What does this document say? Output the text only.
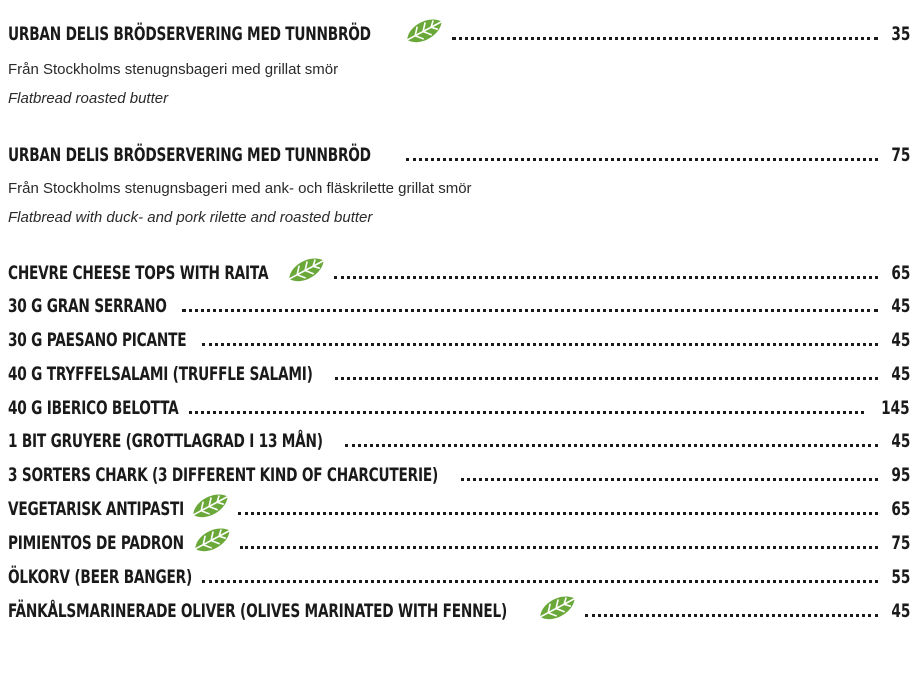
URBAN DELIS BRÖDSERVERING MED TUNNBRÖD	35
Från Stockholms stenugnsbageri med grillat smör
Flatbread roasted butter
URBAN DELIS BRÖDSERVERING MED TUNNBRÖD	75
Från Stockholms stenugnsbageri med ank- och fläskrilette grillat smör
Flatbread with duck- and pork rilette and roasted butter
CHEVRE CHEESE TOPS WITH RAITA	65
30 G GRAN SERRANO	45
30 G PAESANO PICANTE	45
40 G TRYFFELSALAMI (TRUFFLE SALAMI)	45
40 G IBERICO BELOTTA	145
1 BIT GRUYERE (GROTTLAGRAD I 13 MÅN)	45
3 SORTERS CHARK (3 DIFFERENT KIND OF CHARCUTERIE)	95
VEGETARISK ANTIPASTI	65
PIMIENTOS DE PADRON	75
ÖLKORV (BEER BANGER)	55
FÄNKÅLSMARINERADE OLIVER (OLIVES MARINATED WITH FENNEL)	45
